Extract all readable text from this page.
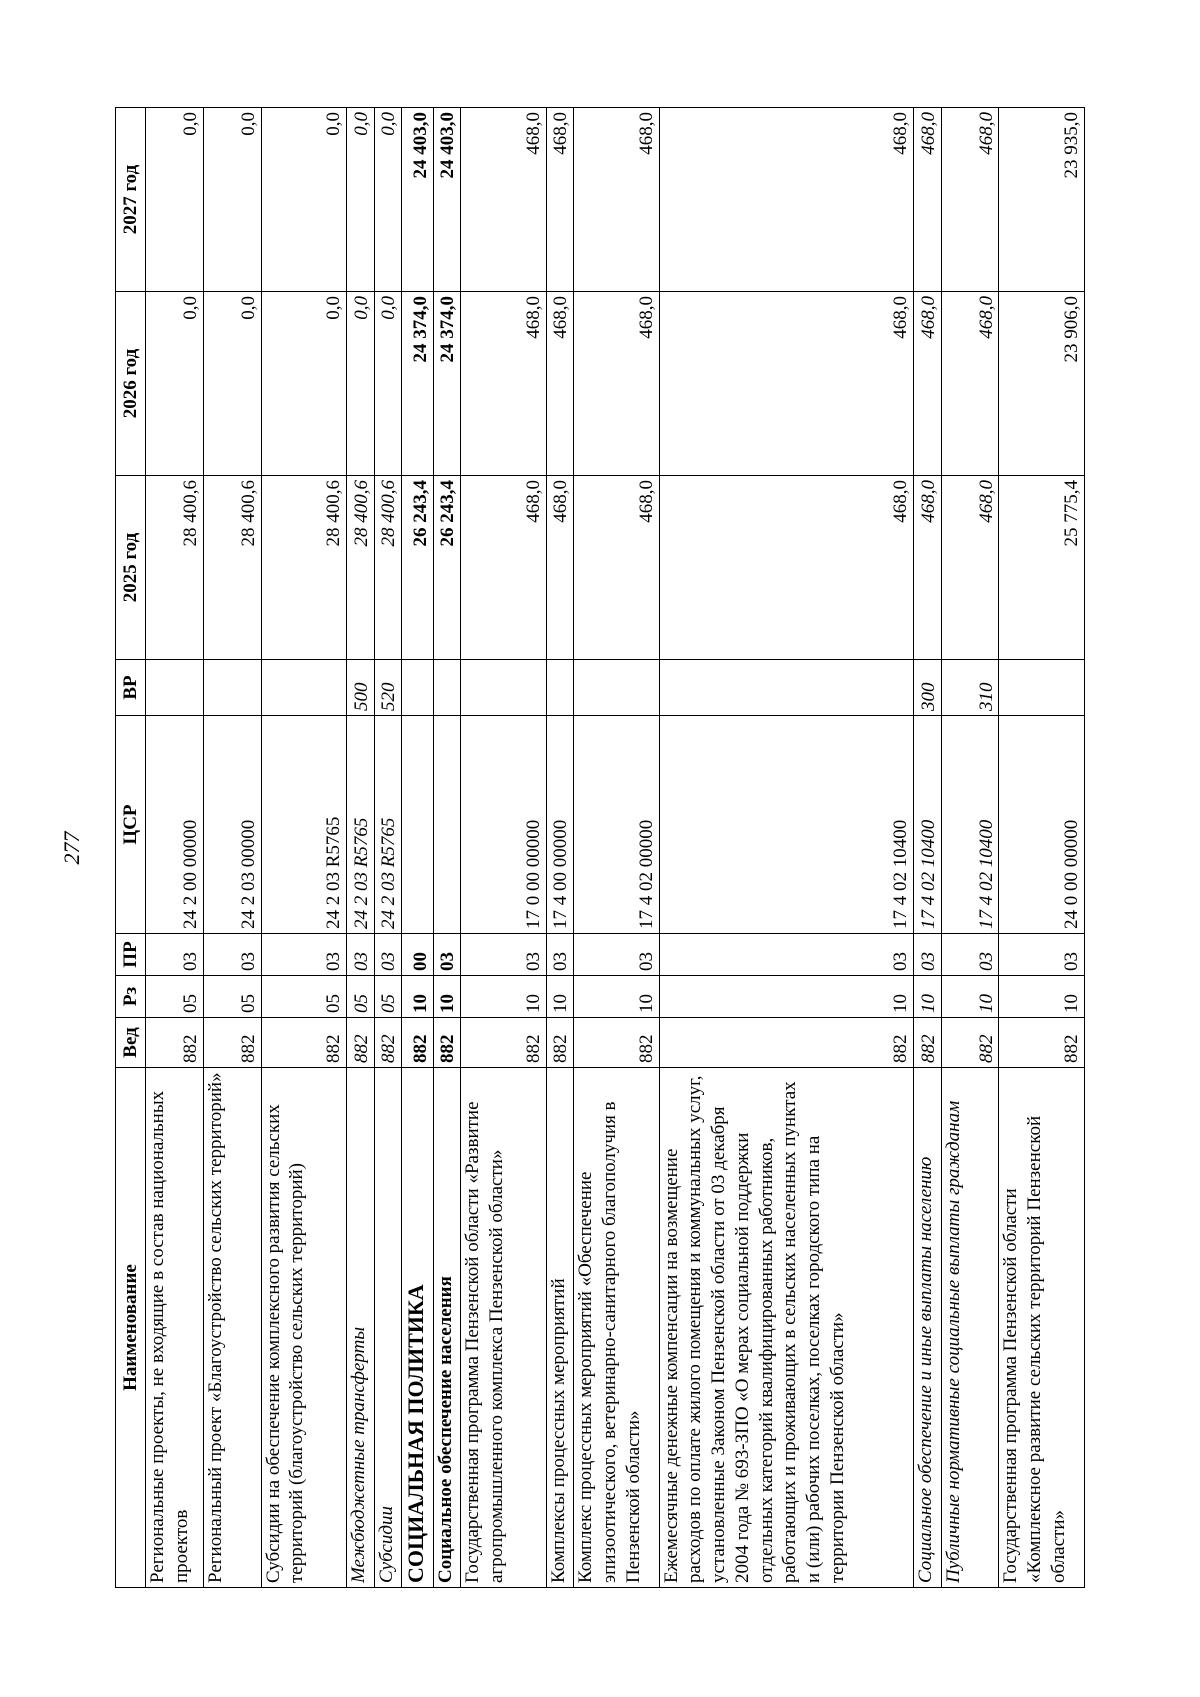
277
Наименование	Вед	Рз	ПР	ЦСР	ВР	2025 год	2026 год	2027 год
Региональные проекты, не входящие в состав национальных проектов	882	05	03	24 2 00 00000		28 400,6	0,0	0,0
Региональный проект «Благоустройство сельских территорий»	882	05	03	24 2 03 00000		28 400,6	0,0	0,0
Субсидии на обеспечение комплексного развития сельских территорий (благоустройство сельских территорий)	882	05	03	24 2 03 R5765		28 400,6	0,0	0,0
Межбюджетные трансферты	882	05	03	24 2 03 R5765	500	28 400,6	0,0	0,0
Субсидии	882	05	03	24 2 03 R5765	520	28 400,6	0,0	0,0
СОЦИАЛЬНАЯ ПОЛИТИКА	882	10	00			26 243,4	24 374,0	24 403,0
Социальное обеспечение населения	882	10	03			26 243,4	24 374,0	24 403,0
Государственная программа Пензенской области «Развитие агропромышленного комплекса Пензенской области»	882	10	03	17 0 00 00000		468,0	468,0	468,0
Комплексы процессных мероприятий	882	10	03	17 4 00 00000		468,0	468,0	468,0
Комплекс процессных мероприятий «Обеспечение эпизоотического, ветеринарно-санитарного благополучия в Пензенской области»	882	10	03	17 4 02 00000		468,0	468,0	468,0
Ежемесячные денежные компенсации на возмещение расходов по оплате жилого помещения и коммунальных услуг, установленные Законом Пензенской области от 03 декабря 2004 года № 693-ЗПО «О мерах социальной поддержки отдельных категорий квалифицированных работников, работающих и проживающих в сельских населенных пунктах и (или) рабочих поселках, поселках городского типа на территории Пензенской области»	882	10	03	17 4 02 10400		468,0	468,0	468,0
Социальное обеспечение и иные выплаты населению	882	10	03	17 4 02 10400	300	468,0	468,0	468,0
Публичные нормативные социальные выплаты гражданам	882	10	03	17 4 02 10400	310	468,0	468,0	468,0
Государственная программа Пензенской области «Комплексное развитие сельских территорий Пензенской области»	882	10	03	24 0 00 00000		25 775,4	23 906,0	23 935,0
